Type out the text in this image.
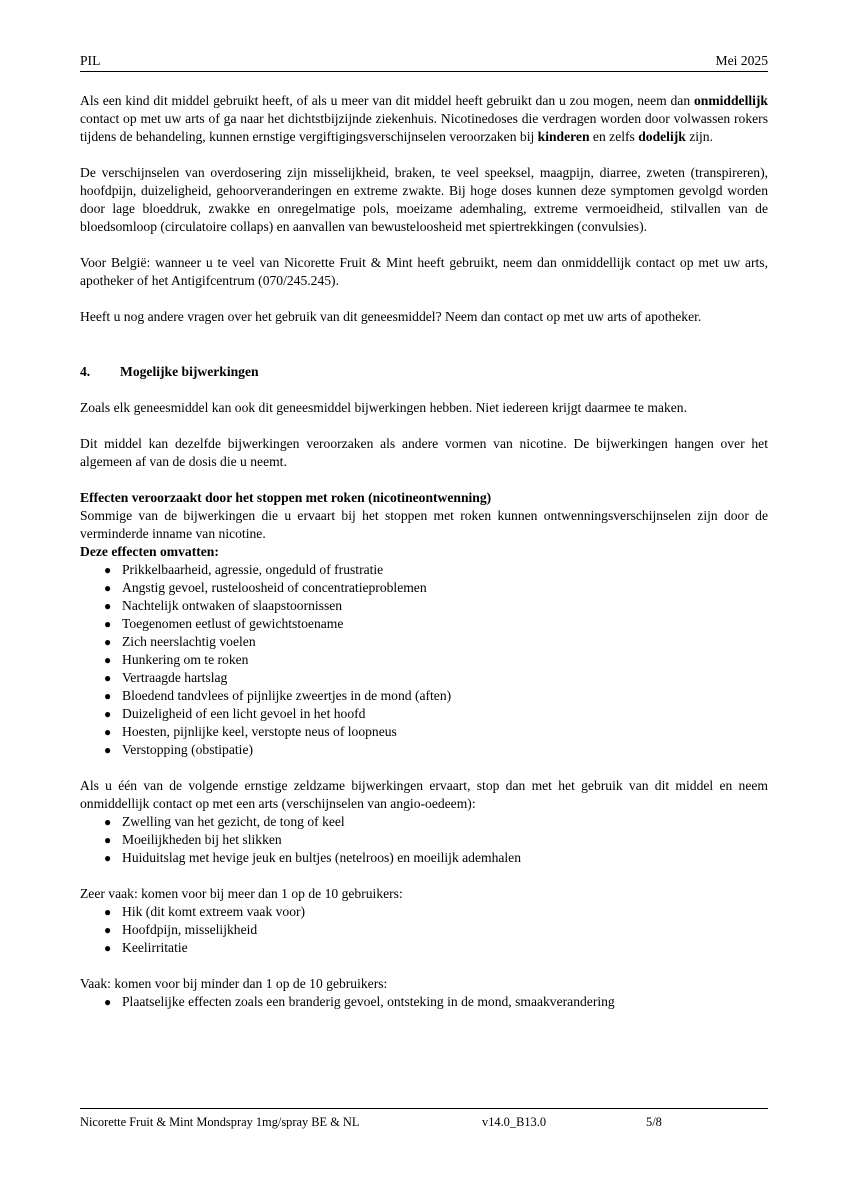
PIL	Mei 2025

Als een kind dit middel gebruikt heeft, of als u meer van dit middel heeft gebruikt dan u zou mogen, neem dan onmiddellijk contact op met uw arts of ga naar het dichtstbijzijnde ziekenhuis. Nicotinedoses die verdragen worden door volwassen rokers tijdens de behandeling, kunnen ernstige vergiftigingsverschijnselen veroorzaken bij kinderen en zelfs dodelijk zijn.

De verschijnselen van overdosering zijn misselijkheid, braken, te veel speeksel, maagpijn, diarree, zweten (transpireren), hoofdpijn, duizeligheid, gehoorveranderingen en extreme zwakte. Bij hoge doses kunnen deze symptomen gevolgd worden door lage bloeddruk, zwakke en onregelmatige pols, moeizame ademhaling, extreme vermoeidheid, stilvallen van de bloedsomloop (circulatoire collaps) en aanvallen van bewusteloosheid met spiertrekkingen (convulsies).

Voor België: wanneer u te veel van Nicorette Fruit & Mint heeft gebruikt, neem dan onmiddellijk contact op met uw arts, apotheker of het Antigifcentrum (070/245.245).

Heeft u nog andere vragen over het gebruik van dit geneesmiddel? Neem dan contact op met uw arts of apotheker.

4.	Mogelijke bijwerkingen

Zoals elk geneesmiddel kan ook dit geneesmiddel bijwerkingen hebben. Niet iedereen krijgt daarmee te maken.

Dit middel kan dezelfde bijwerkingen veroorzaken als andere vormen van nicotine. De bijwerkingen hangen over het algemeen af van de dosis die u neemt.

Effecten veroorzaakt door het stoppen met roken (nicotineontwenning)

Sommige van de bijwerkingen die u ervaart bij het stoppen met roken kunnen ontwenningsverschijnselen zijn door de verminderde inname van nicotine.

Deze effecten omvatten:

● Prikkelbaarheid, agressie, ongeduld of frustratie
● Angstig gevoel, rusteloosheid of concentratieproblemen
● Nachtelijk ontwaken of slaapstoornissen
● Toegenomen eetlust of gewichtstoename
● Zich neerslachtig voelen
● Hunkering om te roken
● Vertraagde hartslag
● Bloedend tandvlees of pijnlijke zweertjes in de mond (aften)
● Duizeligheid of een licht gevoel in het hoofd
● Hoesten, pijnlijke keel, verstopte neus of loopneus
● Verstopping (obstipatie)

Als u één van de volgende ernstige zeldzame bijwerkingen ervaart, stop dan met het gebruik van dit middel en neem onmiddellijk contact op met een arts (verschijnselen van angio-oedeem):

● Zwelling van het gezicht, de tong of keel
● Moeilijkheden bij het slikken
● Huiduitslag met hevige jeuk en bultjes (netelroos) en moeilijk ademhalen

Zeer vaak: komen voor bij meer dan 1 op de 10 gebruikers:

● Hik (dit komt extreem vaak voor)
● Hoofdpijn, misselijkheid
● Keelirritatie

Vaak: komen voor bij minder dan 1 op de 10 gebruikers:

● Plaatselijke effecten zoals een branderig gevoel, ontsteking in de mond, smaakverandering
Nicorette Fruit & Mint Mondspray 1mg/spray BE & NL	v14.0_B13.0	5/8
